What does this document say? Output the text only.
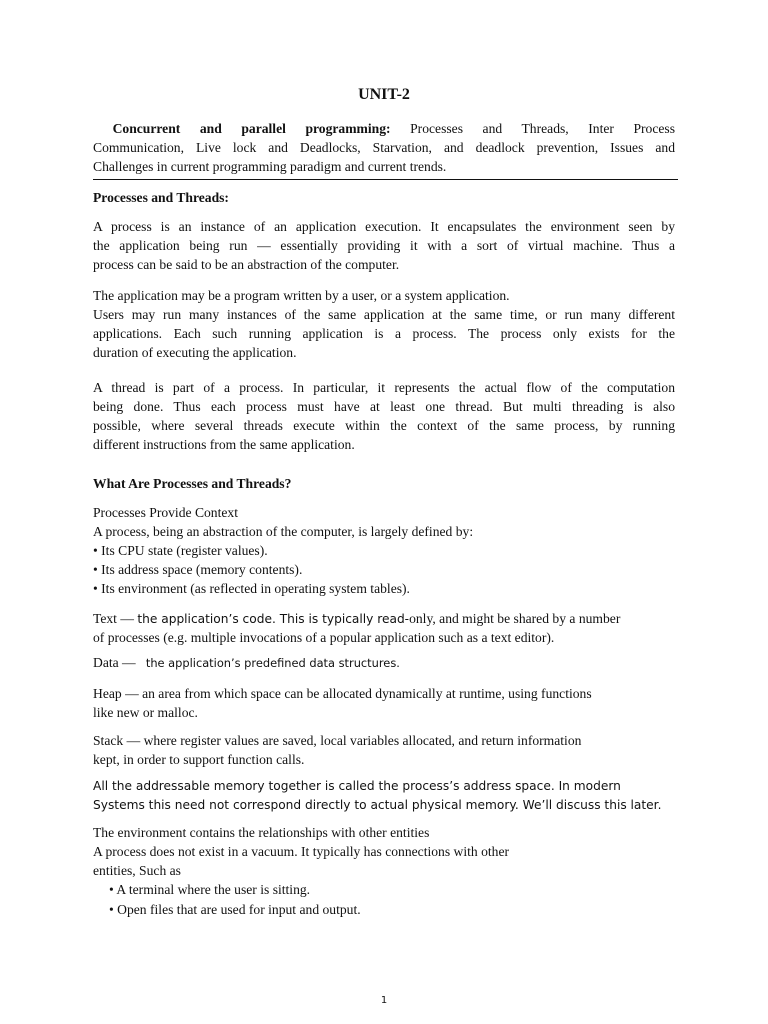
UNIT-2
Concurrent and parallel programming: Processes and Threads, Inter Process
Communication, Live lock and Deadlocks, Starvation, and deadlock prevention, Issues and
Challenges in current programming paradigm and current trends.
Processes and Threads:
A process is an instance of an application execution. It encapsulates the environment seen by
the application being run — essentially providing it with a sort of virtual machine. Thus a
process can be said to be an abstraction of the computer.
The application may be a program written by a user, or a system application.
Users may run many instances of the same application at the same time, or run many different
applications. Each such running application is a process. The process only exists for the
duration of executing the application.
A thread is part of a process. In particular, it represents the actual flow of the computation
being done. Thus each process must have at least one thread. But multi threading is also
possible, where several threads execute within the context of the same process, by running
different instructions from the same application.
What Are Processes and Threads?
Processes Provide Context
A process, being an abstraction of the computer, is largely defined by:
• Its CPU state (register values).
• Its address space (memory contents).
• Its environment (as reflected in operating system tables).
Text — the application’s code. This is typically read-only, and might be shared by a number
of processes (e.g. multiple invocations of a popular application such as a text editor).
Data —   the application’s predefined data structures.
Heap — an area from which space can be allocated dynamically at runtime, using functions
like new or malloc.
Stack — where register values are saved, local variables allocated, and return information
kept, in order to support function calls.
All the addressable memory together is called the process’s address space. In modern
Systems this need not correspond directly to actual physical memory. We’ll discuss this later.
The environment contains the relationships with other entities
A process does not exist in a vacuum. It typically has connections with other
entities, Such as
• A terminal where the user is sitting.
• Open files that are used for input and output.
1
